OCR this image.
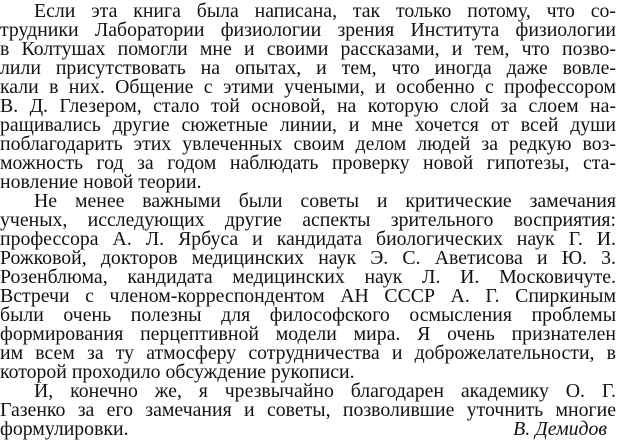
Если эта книга была написана, так только потому, что со-
трудники Лаборатории физиологии зрения Института физиологии
в Колтушах помогли мне и своими рассказами, и тем, что позво-
лили присутствовать на опытах, и тем, что иногда даже вовле-
кали в них. Общение с этими учеными, и особенно с профессором
В. Д. Глезером, стало той основой, на которую слой за слоем на-
ращивались другие сюжетные линии, и мне хочется от всей души
поблагодарить этих увлеченных своим делом людей за редкую воз-
можность год за годом наблюдать проверку новой гипотезы, ста-
новление новой теории.
Не менее важными были советы и критические замечания
ученых, исследующих другие аспекты зрительного восприятия:
профессора А. Л. Ярбуса и кандидата биологических наук Г. И.
Рожковой, докторов медицинских наук Э. С. Аветисова и Ю. 3.
Розенблюма, кандидата медицинских наук Л. И. Московичуте.
Встречи с членом-корреспондентом АН СССР А. Г. Спиркиным
были очень полезны для философского осмысления проблемы
формирования перцептивной модели мира. Я очень признателен
им всем за ту атмосферу сотрудничества и доброжелательности, в
которой проходило обсуждение рукописи.
И, конечно же, я чрезвычайно благодарен академику О. Г.
Газенко за его замечания и советы, позволившие уточнить многие
формулировки.	В. Демидов
